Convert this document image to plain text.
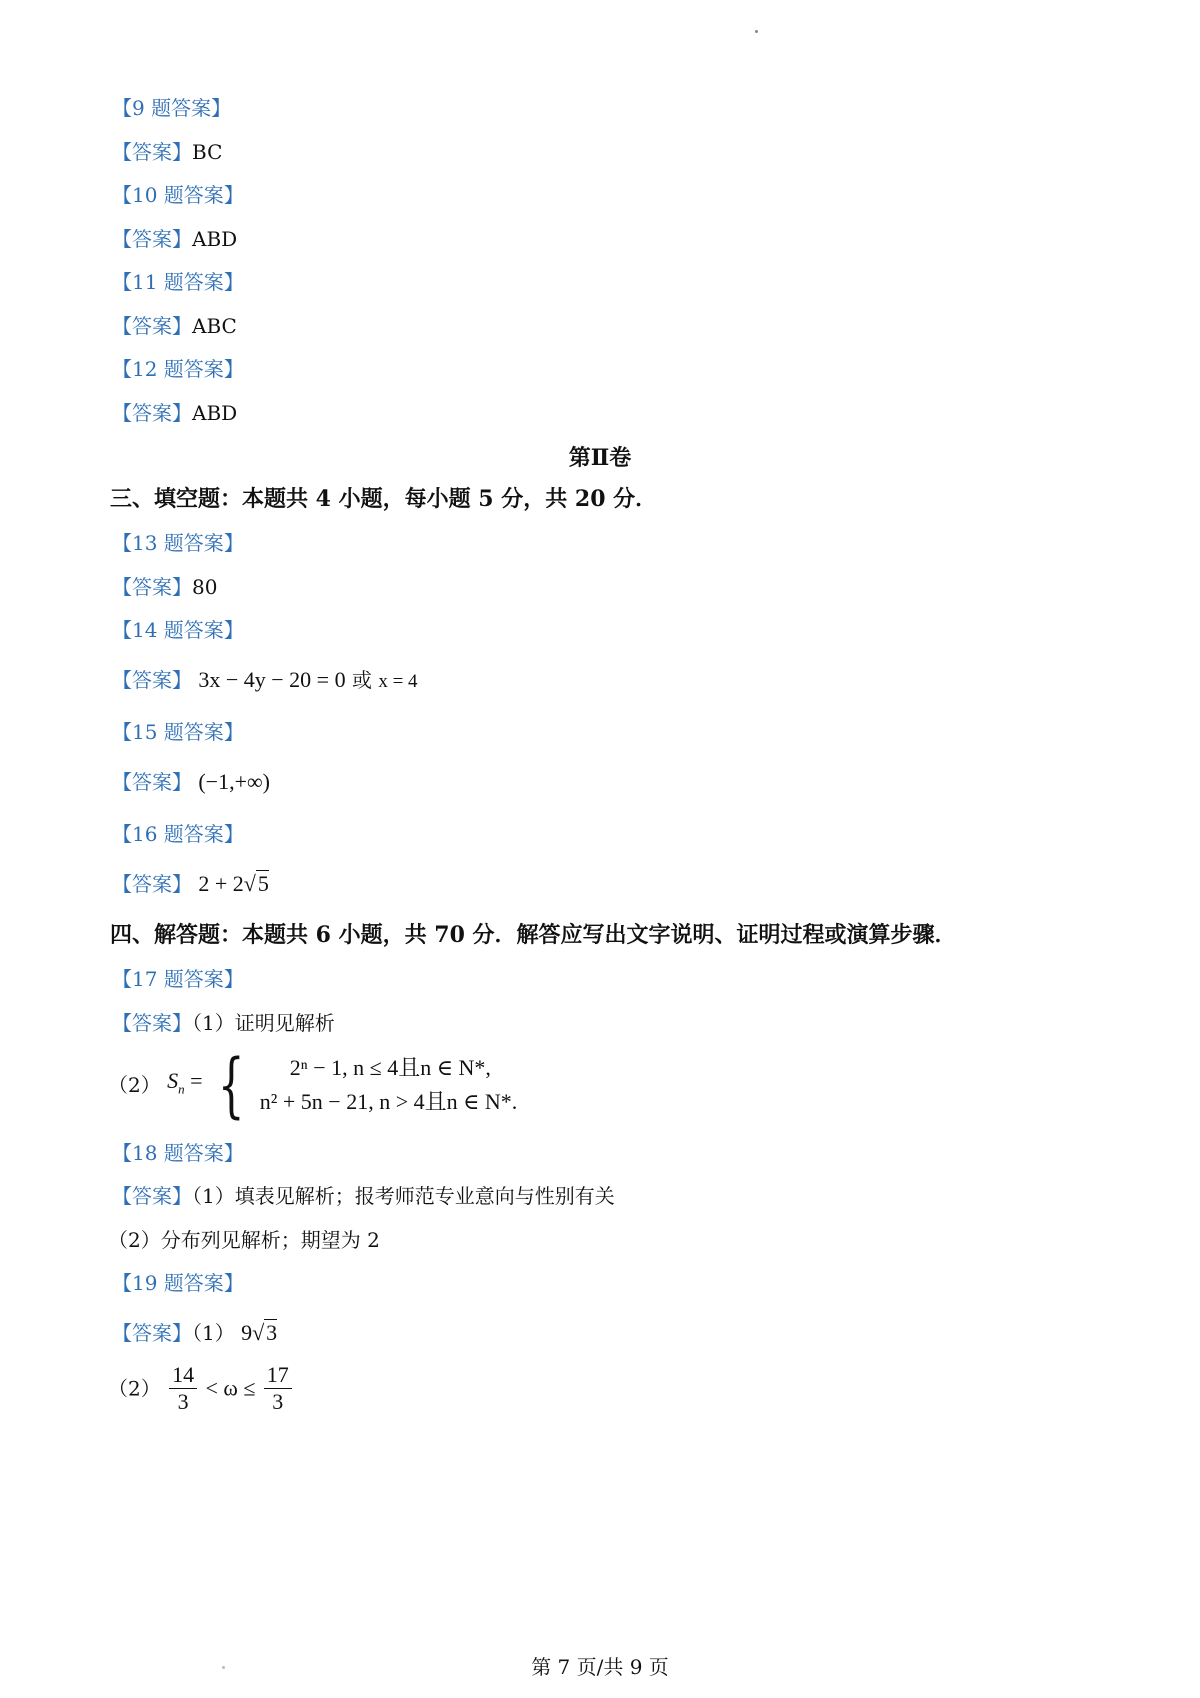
【9 题答案】
【答案】BC
【10 题答案】
【答案】ABD
【11 题答案】
【答案】ABC
【12 题答案】
【答案】ABD
第Ⅱ卷
三、填空题：本题共 4 小题，每小题 5 分，共 20 分．
【13 题答案】
【答案】80
【14 题答案】
【答案】 3x − 4y − 20 = 0 或 x = 4
【15 题答案】
【答案】 (−1,+∞)
【16 题答案】
【答案】 2 + 2√5
四、解答题：本题共 6 小题，共 70 分．解答应写出文字说明、证明过程或演算步骤．
【17 题答案】
【答案】（1）证明见解析
（2） $S_n$ = {	2ⁿ − 1, n ≤ 4且n ∈ N*,
n² + 5n − 21, n > 4且n ∈ N*.
【18 题答案】
【答案】（1）填表见解析；报考师范专业意向与性别有关
（2）分布列见解析；期望为 2
【19 题答案】
【答案】（1） 9√3
$(2) \frac{14}{3} < \omega \le \frac{17}{3}$
第 7 页/共 9 页
